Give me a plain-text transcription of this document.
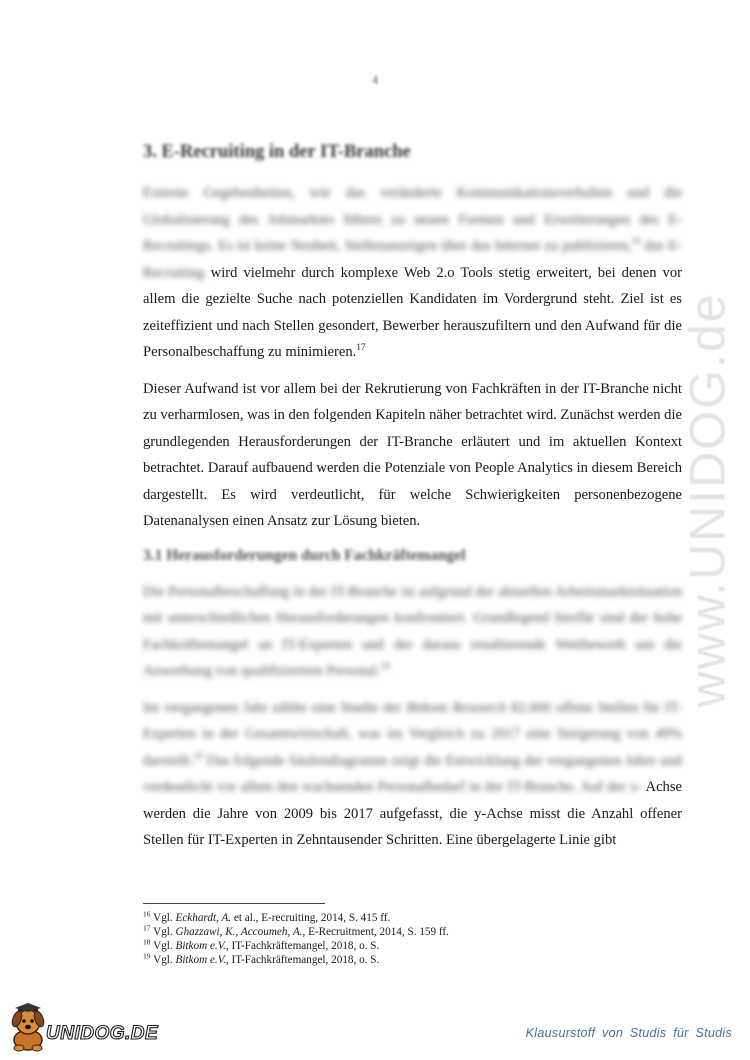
4
www.UNIDOG.de
3. E-Recruiting in der IT-Branche

Externe Gegebenheiten, wie das veränderte Kommunikationsverhalten und die Globalisierung des Jobmarktes führen zu neuen Formen und Erweiterungen des E-Recruitings. Es ist keine Neuheit, Stellenanzeigen über das Internet zu publizieren,$^{16}$ das E-Recruiting wird vielmehr durch komplexe Web 2.o Tools stetig erweitert, bei denen vor allem die gezielte Suche nach potenziellen Kandidaten im Vordergrund steht. Ziel ist es zeiteffizient und nach Stellen gesondert, Bewerber herauszufiltern und den Aufwand für die Personalbeschaffung zu minimieren.$^{17}$

Dieser Aufwand ist vor allem bei der Rekrutierung von Fachkräften in der IT-Branche nicht zu verharmlosen, was in den folgenden Kapiteln näher betrachtet wird. Zunächst werden die grundlegenden Herausforderungen der IT-Branche erläutert und im aktuellen Kontext betrachtet. Darauf aufbauend werden die Potenziale von People Analytics in diesem Bereich dargestellt. Es wird verdeutlicht, für welche Schwierigkeiten personenbezogene Datenanalysen einen Ansatz zur Lösung bieten.

3.1 Herausforderungen durch Fachkräftemangel

Die Personalbeschaffung in der IT-Branche ist aufgrund der aktuellen Arbeitsmarktsituation mit unterschiedlichen Herausforderungen konfrontiert. Grundlegend hierfür sind der hohe Fachkräftemangel an IT-Experten und der daraus resultierende Wettbewerb um die Anwerbung von qualifiziertem Personal.$^{18}$

Im vergangenen Jahr zählte eine Studie der Bitkom Research 82.000 offene Stellen für IT-Experten in der Gesamtwirtschaft, was im Vergleich zu 2017 eine Steigerung von 49% darstellt.$^{19}$ Das folgende Säulendiagramm zeigt die Entwicklung der vergangenen Jahre und verdeutlicht vor allem den wachsenden Personalbedarf in der IT-Branche. Auf der x- Achse werden die Jahre von 2009 bis 2017 aufgefasst, die y-Achse misst die Anzahl offener Stellen für IT-Experten in Zehntausender Schritten. Eine übergelagerte Linie gibt

$^{16}$ Vgl. Eckhardt, A. et al., E-recruiting, 2014, S. 415 ff.
$^{17}$ Vgl. Ghazzawi, K., Accoumeh, A., E-Recruitment, 2014, S. 159 ff.
$^{18}$ Vgl. Bitkom e.V., IT-Fachkräftemangel, 2018, o. S.
$^{19}$ Vgl. Bitkom e.V., IT-Fachkräftemangel, 2018, o. S.
UNIDOG.DE	Klausurstoff von Studis für Studis
